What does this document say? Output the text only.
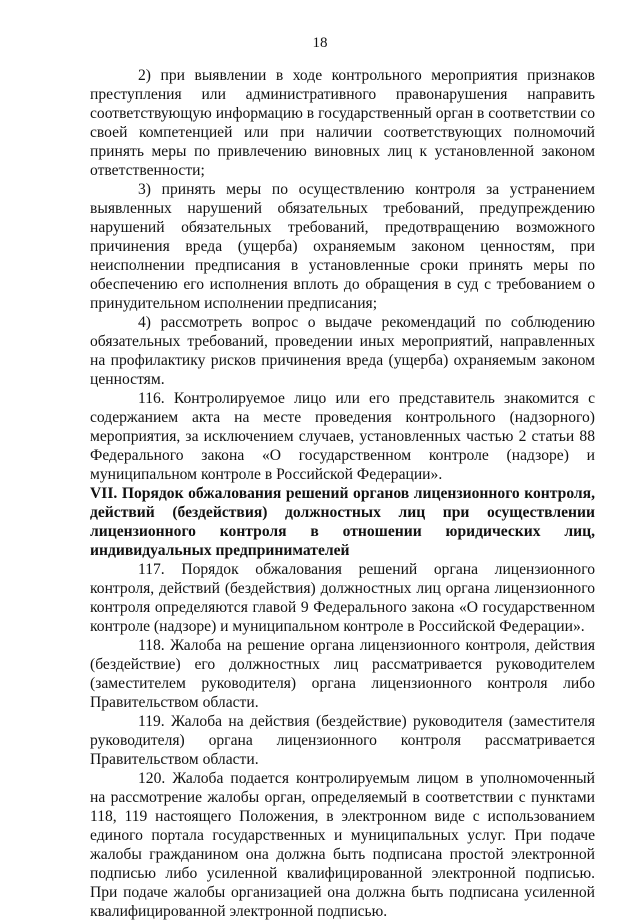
18

2) при выявлении в ходе контрольного мероприятия признаков преступления или административного правонарушения направить соответствующую информацию в государственный орган в соответствии со своей компетенцией или при наличии соответствующих полномочий принять меры по привлечению виновных лиц к установленной законом ответственности;

3) принять меры по осуществлению контроля за устранением выявленных нарушений обязательных требований, предупреждению нарушений обязательных требований, предотвращению возможного причинения вреда (ущерба) охраняемым законом ценностям, при неисполнении предписания в установленные сроки принять меры по обеспечению его исполнения вплоть до обращения в суд с требованием о принудительном исполнении предписания;

4) рассмотреть вопрос о выдаче рекомендаций по соблюдению обязательных требований, проведении иных мероприятий, направленных на профилактику рисков причинения вреда (ущерба) охраняемым законом ценностям.

116. Контролируемое лицо или его представитель знакомится с содержанием акта на месте проведения контрольного (надзорного) мероприятия, за исключением случаев, установленных частью 2 статьи 88 Федерального закона «О государственном контроле (надзоре) и муниципальном контроле в Российской Федерации».

VII. Порядок обжалования решений органов лицензионного контроля, действий (бездействия) должностных лиц при осуществлении лицензионного контроля в отношении юридических лиц, индивидуальных предпринимателей

117. Порядок обжалования решений органа лицензионного контроля, действий (бездействия) должностных лиц органа лицензионного контроля определяются главой 9 Федерального закона «О государственном контроле (надзоре) и муниципальном контроле в Российской Федерации».

118. Жалоба на решение органа лицензионного контроля, действия (бездействие) его должностных лиц рассматривается руководителем (заместителем руководителя) органа лицензионного контроля либо Правительством области.

119. Жалоба на действия (бездействие) руководителя (заместителя руководителя) органа лицензионного контроля рассматривается Правительством области.

120. Жалоба подается контролируемым лицом в уполномоченный на рассмотрение жалобы орган, определяемый в соответствии с пунктами 118, 119 настоящего Положения, в электронном виде с использованием единого портала государственных и муниципальных услуг. При подаче жалобы гражданином она должна быть подписана простой электронной подписью либо усиленной квалифицированной электронной подписью. При подаче жалобы организацией она должна быть подписана усиленной квалифицированной электронной подписью.
